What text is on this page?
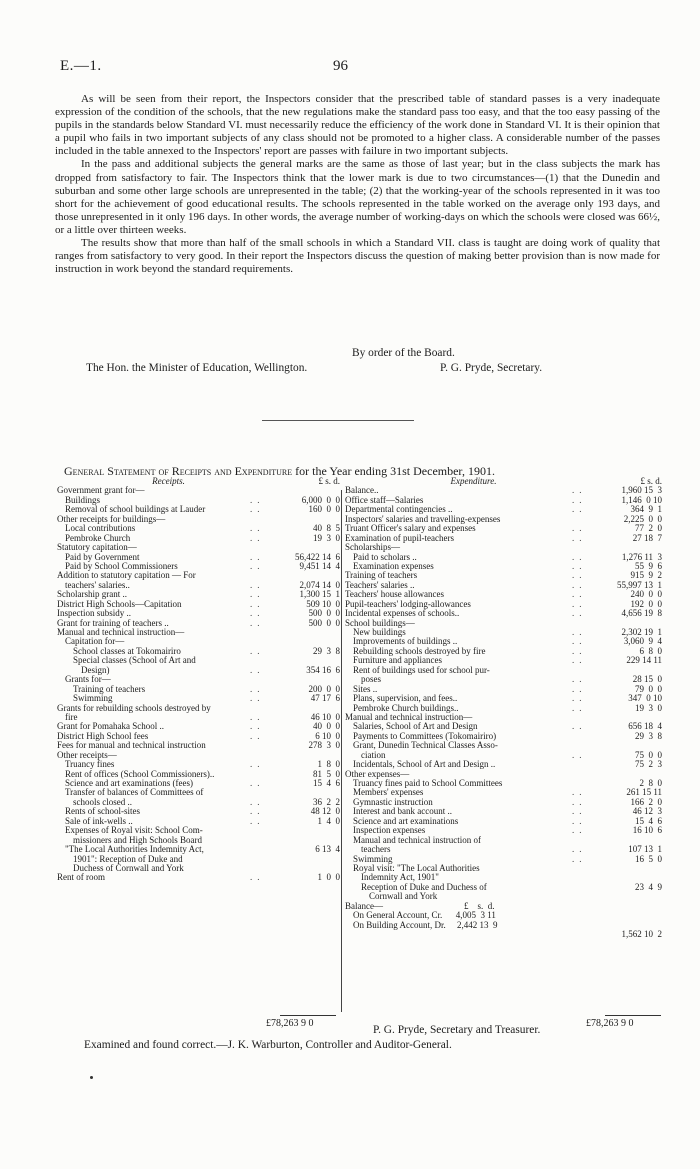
E.—1.	96

As will be seen from their report, the Inspectors consider that the prescribed table of standard passes is a very inadequate expression of the condition of the schools, that the new regulations make the standard pass too easy, and that the too easy passing of the pupils in the standards below Standard VI. must necessarily reduce the efficiency of the work done in Standard VI. It is their opinion that a pupil who fails in two important subjects of any class should not be promoted to a higher class. A considerable number of the passes included in the table annexed to the Inspectors' report are passes with failure in two important subjects.

In the pass and additional subjects the general marks are the same as those of last year; but in the class subjects the mark has dropped from satisfactory to fair. The Inspectors think that the lower mark is due to two circumstances—(1) that the Dunedin and suburban and some other large schools are unrepresented in the table; (2) that the working-year of the schools represented in it was too short for the achievement of good educational results. The schools represented in the table worked on the average only 193 days, and those unrepresented in it only 196 days. In other words, the average number of working-days on which the schools were closed was 66½, or a little over thirteen weeks.

The results show that more than half of the small schools in which a Standard VII. class is taught are doing work of quality that ranges from satisfactory to very good. In their report the Inspectors discuss the question of making better provision than is now made for instruction in work beyond the standard requirements.

By order of the Board.
The Hon. the Minister of Education, Wellington.	P. G. Pryde, Secretary.
General Statement of Receipts and Expenditure for the Year ending 31st December, 1901.
Receipts.	£ s. d.
Government grant for—
Buildings	..	6,000  0  0
Removal of school buildings at Lauder	..	160  0  0
Other receipts for buildings—
Local contributions	..	40  8  5
Pembroke Church	..	19  3  0
Statutory capitation—
Paid by Government	..	56,422 14  6
Paid by School Commissioners	..	9,451 14  4
Addition to statutory capitation — For
teachers' salaries..	..	2,074 14  0
Scholarship grant ..	..	1,300 15  1
District High Schools—Capitation	..	509 10  0
Inspection subsidy ..	..	500  0  0
Grant for training of teachers ..	..	500  0  0
Manual and technical instruction—
Capitation for—
School classes at Tokomairiro	..	29  3  8
Special classes (School of Art and
Design)	..	354 16  6
Grants for—
Training of teachers	..	200  0  0
Swimming	..	47 17  6
Grants for rebuilding schools destroyed by
fire	..	46 10  0
Grant for Pomahaka School ..	..	40  0  0
District High School fees	..	6 10  0
Fees for manual and technical instruction	278  3  0
Other receipts—
Truancy fines	..	1  8  0
Rent of offices (School Commissioners)..	81  5  0
Science and art examinations (fees)	..	15  4  6
Transfer of balances of Committees of
schools closed ..	..	36  2  2
Rents of school-sites	..	48 12  0
Sale of ink-wells ..	..	1  4  0
Expenses of Royal visit: School Com-
missioners and High Schools Board
"The Local Authorities Indemnity Act,	6 13  4
1901": Reception of Duke and
Duchess of Cornwall and York
Rent of room	..	1  0  0
Expenditure.	£ s. d.
Balance..	..	1,960 15  3
Office staff—Salaries	..	1,146  0 10
Departmental contingencies ..	..	364  9  1
Inspectors' salaries and travelling-expenses	2,225  0  0
Truant Officer's salary and expenses	..	77  2  0
Examination of pupil-teachers	..	27 18  7
Scholarships—
Paid to scholars ..	..	1,276 11  3
Examination expenses	..	55  9  6
Training of teachers	..	915  9  2
Teachers' salaries ..	..	55,997 13  1
Teachers' house allowances	..	240  0  0
Pupil-teachers' lodging-allowances	..	192  0  0
Incidental expenses of schools..	..	4,656 19  8
School buildings—
New buildings	..	2,302 19  1
Improvements of buildings ..	..	3,060  9  4
Rebuilding schools destroyed by fire	..	6  8  0
Furniture and appliances	..	229 14 11
Rent of buildings used for school pur-
poses	..	28 15  0
Sites ..	..	79  0  0
Plans, supervision, and fees..	..	347  0 10
Pembroke Church buildings..	..	19  3  0
Manual and technical instruction—
Salaries, School of Art and Design	..	656 18  4
Payments to Committees (Tokomairiro)	29  3  8
Grant, Dunedin Technical Classes Asso-
ciation	..	75  0  0
Incidentals, School of Art and Design ..	75  2  3
Other expenses—
Truancy fines paid to School Committees	2  8  0
Members' expenses	..	261 15 11
Gymnastic instruction	..	166  2  0
Interest and bank account ..	..	46 12  3
Science and art examinations	..	15  4  6
Inspection expenses	..	16 10  6
Manual and technical instruction of
teachers	..	107 13  1
Swimming	..	16  5  0
Royal visit: "The Local Authorities
Indemnity Act, 1901"
Reception of Duke and Duchess of	23  4  9
Cornwall and York
Balance—                                    £    s.  d.
On General Account, Cr.      4,005  3 11
On Building Account, Dr.     2,442 13  9
1,562 10  2
£78,263 9 0	£78,263 9 0
P. G. Pryde, Secretary and Treasurer.
Examined and found correct.—J. K. Warburton, Controller and Auditor-General.
